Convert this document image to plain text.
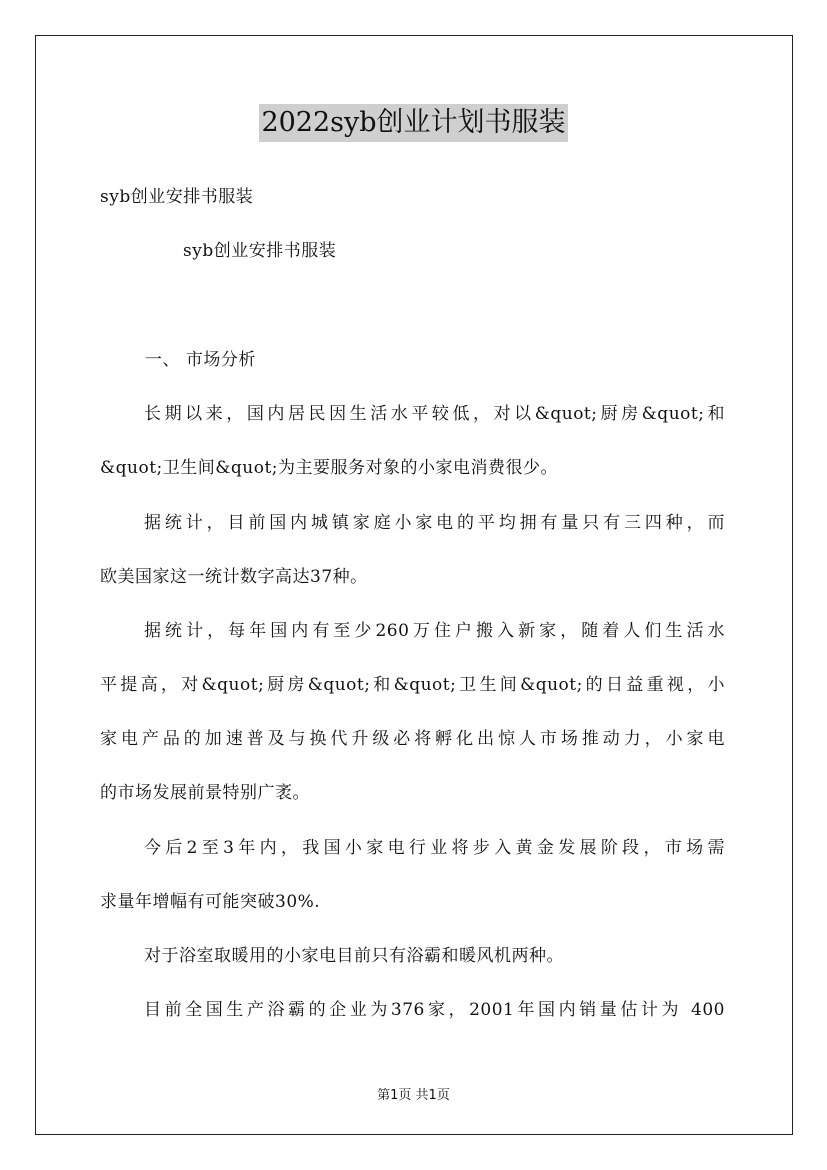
2022syb创业计划书服装
syb创业安排书服装
syb创业安排书服装
一、 市场分析
长期以来，国内居民因生活水平较低，对以&quot;厨房&quot;和
&quot;卫生间&quot;为主要服务对象的小家电消费很少。
据统计，目前国内城镇家庭小家电的平均拥有量只有三四种，而
欧美国家这一统计数字高达37种。
据统计，每年国内有至少260万住户搬入新家，随着人们生活水
平提高，对&quot;厨房&quot;和&quot;卫生间&quot;的日益重视，小
家电产品的加速普及与换代升级必将孵化出惊人市场推动力，小家电
的市场发展前景特别广袤。
今后2至3年内，我国小家电行业将步入黄金发展阶段，市场需
求量年增幅有可能突破30%.
对于浴室取暖用的小家电目前只有浴霸和暖风机两种。
目前全国生产浴霸的企业为376家，2001年国内销量估计为 400
第1页 共1页
